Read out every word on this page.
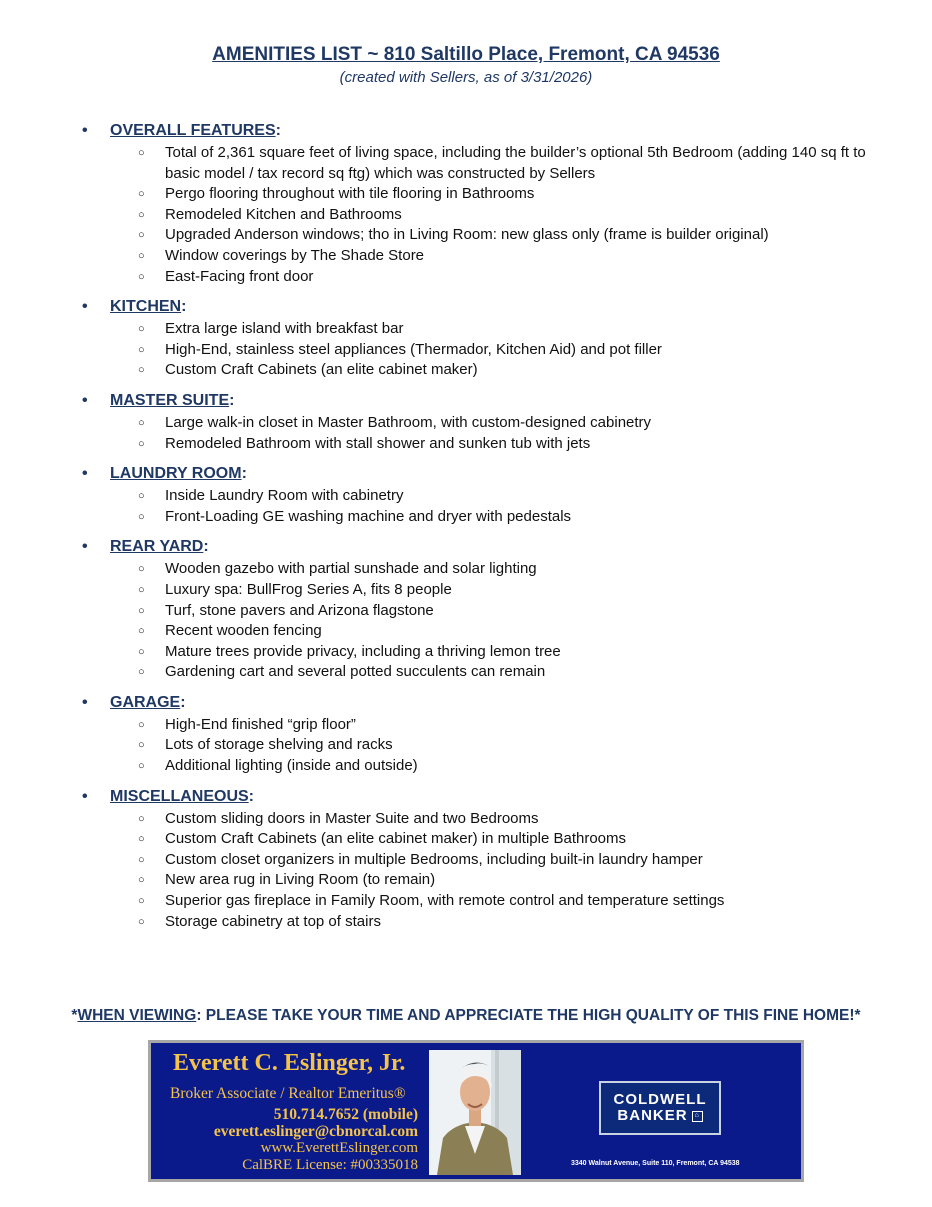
AMENITIES LIST ~ 810 Saltillo Place, Fremont, CA 94536
(created with Sellers, as of 3/31/2026)
• OVERALL FEATURES:
○ Total of 2,361 square feet of living space, including the builder’s optional 5th Bedroom (adding 140 sq ft to basic model / tax record sq ftg) which was constructed by Sellers
○ Pergo flooring throughout with tile flooring in Bathrooms
○ Remodeled Kitchen and Bathrooms
○ Upgraded Anderson windows; tho in Living Room: new glass only (frame is builder original)
○ Window coverings by The Shade Store
○ East-Facing front door
• KITCHEN:
○ Extra large island with breakfast bar
○ High-End, stainless steel appliances (Thermador, Kitchen Aid) and pot filler
○ Custom Craft Cabinets (an elite cabinet maker)
• MASTER SUITE:
○ Large walk-in closet in Master Bathroom, with custom-designed cabinetry
○ Remodeled Bathroom with stall shower and sunken tub with jets
• LAUNDRY ROOM:
○ Inside Laundry Room with cabinetry
○ Front-Loading GE washing machine and dryer with pedestals
• REAR YARD:
○ Wooden gazebo with partial sunshade and solar lighting
○ Luxury spa: BullFrog Series A, fits 8 people
○ Turf, stone pavers and Arizona flagstone
○ Recent wooden fencing
○ Mature trees provide privacy, including a thriving lemon tree
○ Gardening cart and several potted succulents can remain
• GARAGE:
○ High-End finished “grip floor”
○ Lots of storage shelving and racks
○ Additional lighting (inside and outside)
• MISCELLANEOUS:
○ Custom sliding doors in Master Suite and two Bedrooms
○ Custom Craft Cabinets (an elite cabinet maker) in multiple Bathrooms
○ Custom closet organizers in multiple Bedrooms, including built-in laundry hamper
○ New area rug in Living Room (to remain)
○ Superior gas fireplace in Family Room, with remote control and temperature settings
○ Storage cabinetry at top of stairs
*WHEN VIEWING: PLEASE TAKE YOUR TIME AND APPRECIATE THE HIGH QUALITY OF THIS FINE HOME!*
Everett C. Eslinger, Jr.
Broker Associate / Realtor Emeritus®
510.714.7652 (mobile)
everett.eslinger@cbnorcal.com
www.EverettEslinger.com
CalBRE License: #00335018
COLDWELL
BANKER ⌂
3340 Walnut Avenue, Suite 110, Fremont, CA 94538
